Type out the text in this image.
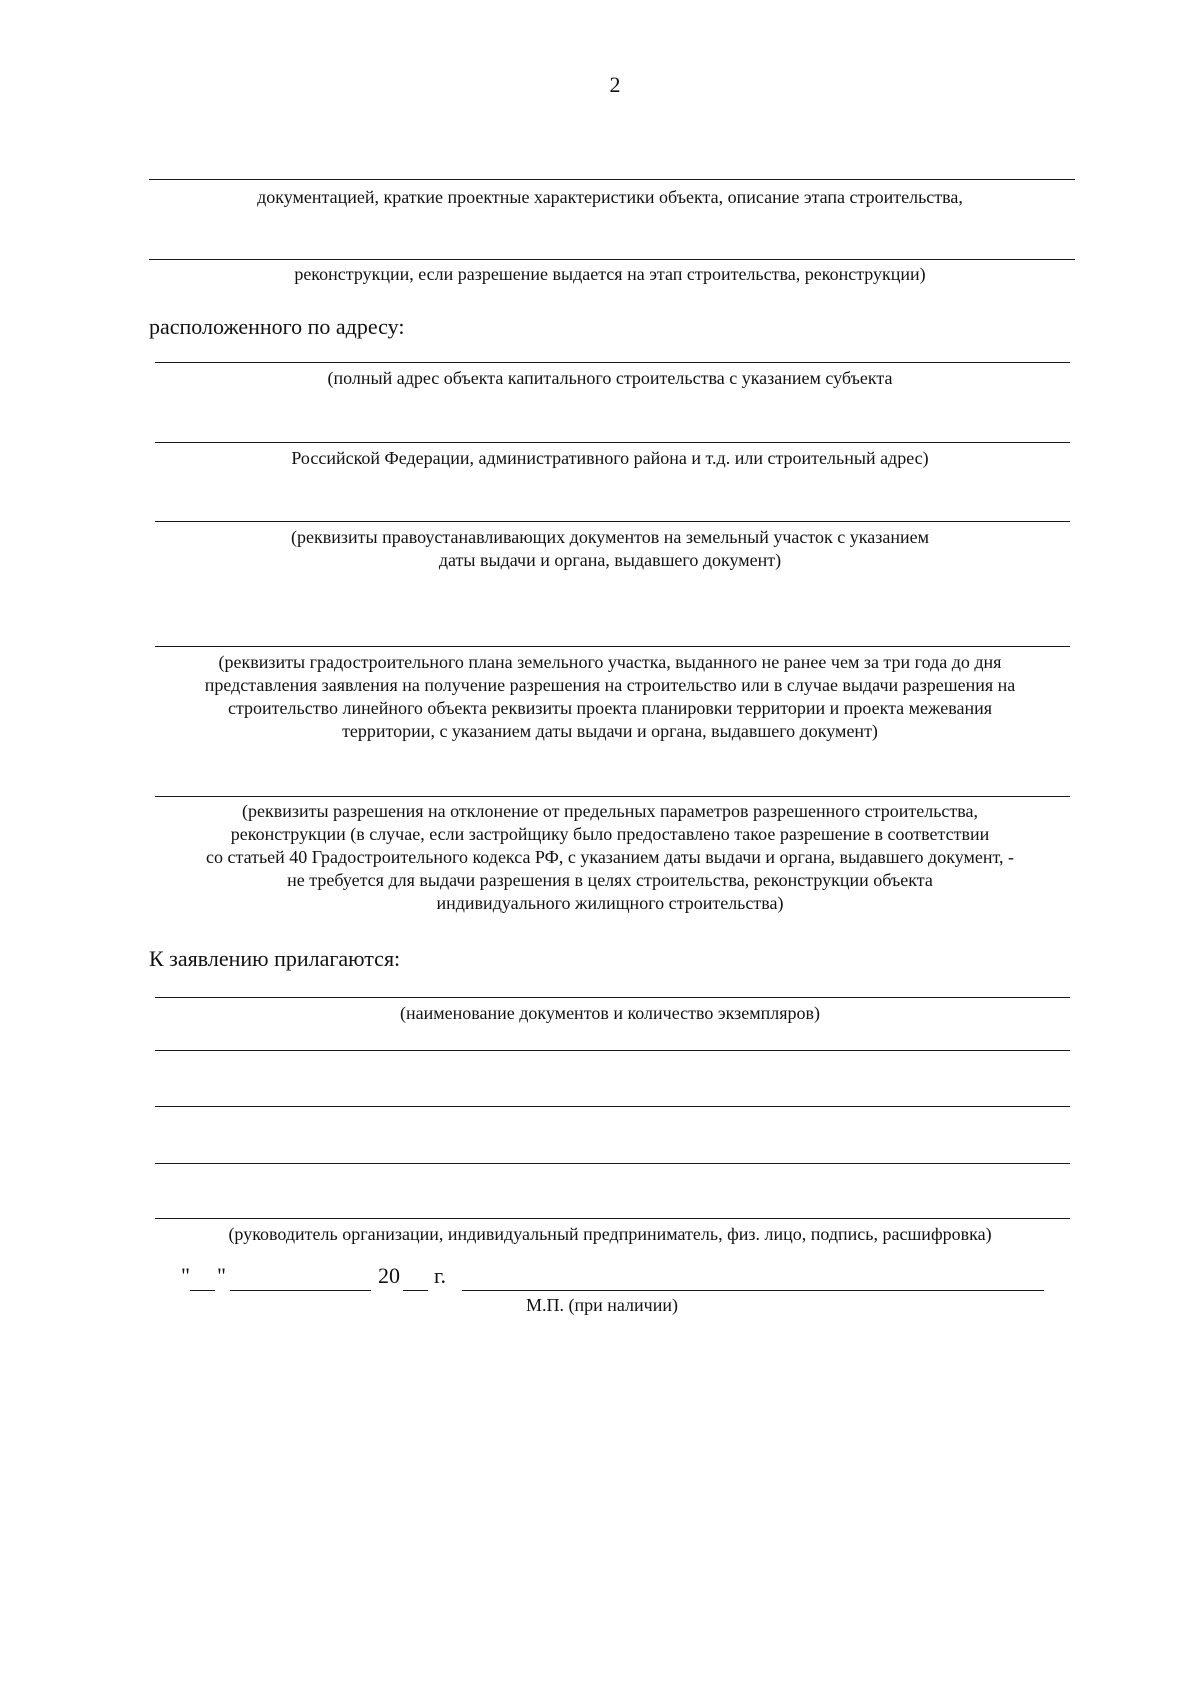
2
документацией, краткие проектные характеристики объекта, описание этапа строительства,
реконструкции, если разрешение выдается на этап строительства, реконструкции)
расположенного по адресу:
(полный адрес объекта капитального строительства с указанием субъекта
Российской Федерации, административного района и т.д. или строительный адрес)
(реквизиты правоустанавливающих документов на земельный участок с указанием
даты выдачи и органа, выдавшего документ)
(реквизиты градостроительного плана земельного участка, выданного не ранее чем за три года до дня
представления заявления на получение разрешения на строительство или в случае выдачи разрешения на
строительство линейного объекта реквизиты проекта планировки территории и проекта межевания
территории, с указанием даты выдачи и органа, выдавшего документ)
(реквизиты разрешения на отклонение от предельных параметров разрешенного строительства,
реконструкции (в случае, если застройщику было предоставлено такое разрешение в соответствии
со статьей 40 Градостроительного кодекса РФ, с указанием даты выдачи и органа, выдавшего документ, -
не требуется для выдачи разрешения в целях строительства, реконструкции объекта
индивидуального жилищного строительства)
К заявлению прилагаются:
(наименование документов и количество экземпляров)
(руководитель организации, индивидуальный предприниматель, физ. лицо, подпись, расшифровка)
" "	20 г.
М.П. (при наличии)
